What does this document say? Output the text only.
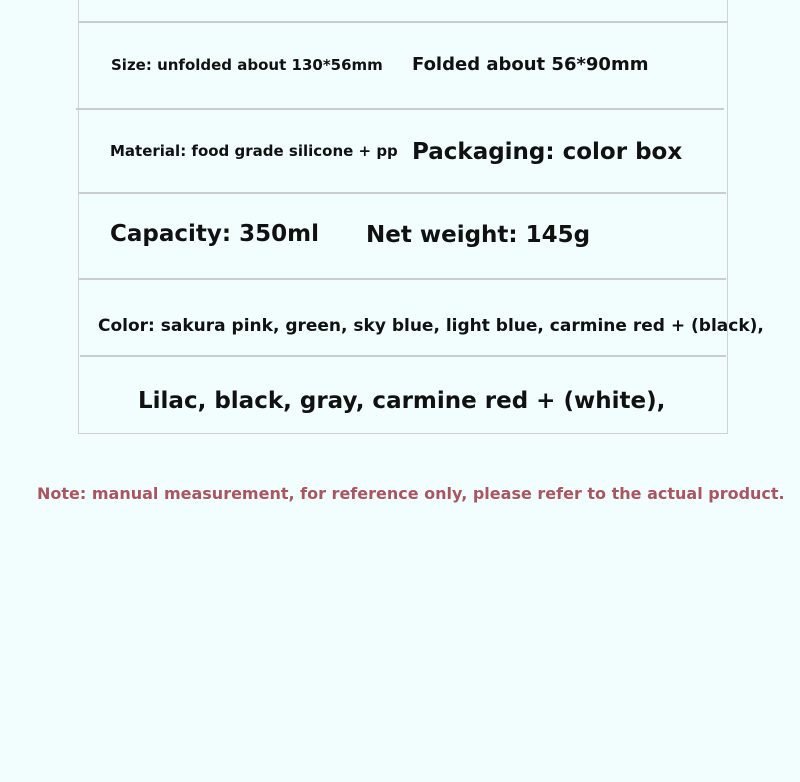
Size: unfolded about 130*56mm Folded about 56*90mm
Material: food grade silicone + pp Packaging: color box
Capacity: 350ml Net weight: 145g
Color: sakura pink, green, sky blue, light blue, carmine red + (black),
Lilac, black, gray, carmine red + (white),
Note: manual measurement, for reference only, please refer to the actual product.
